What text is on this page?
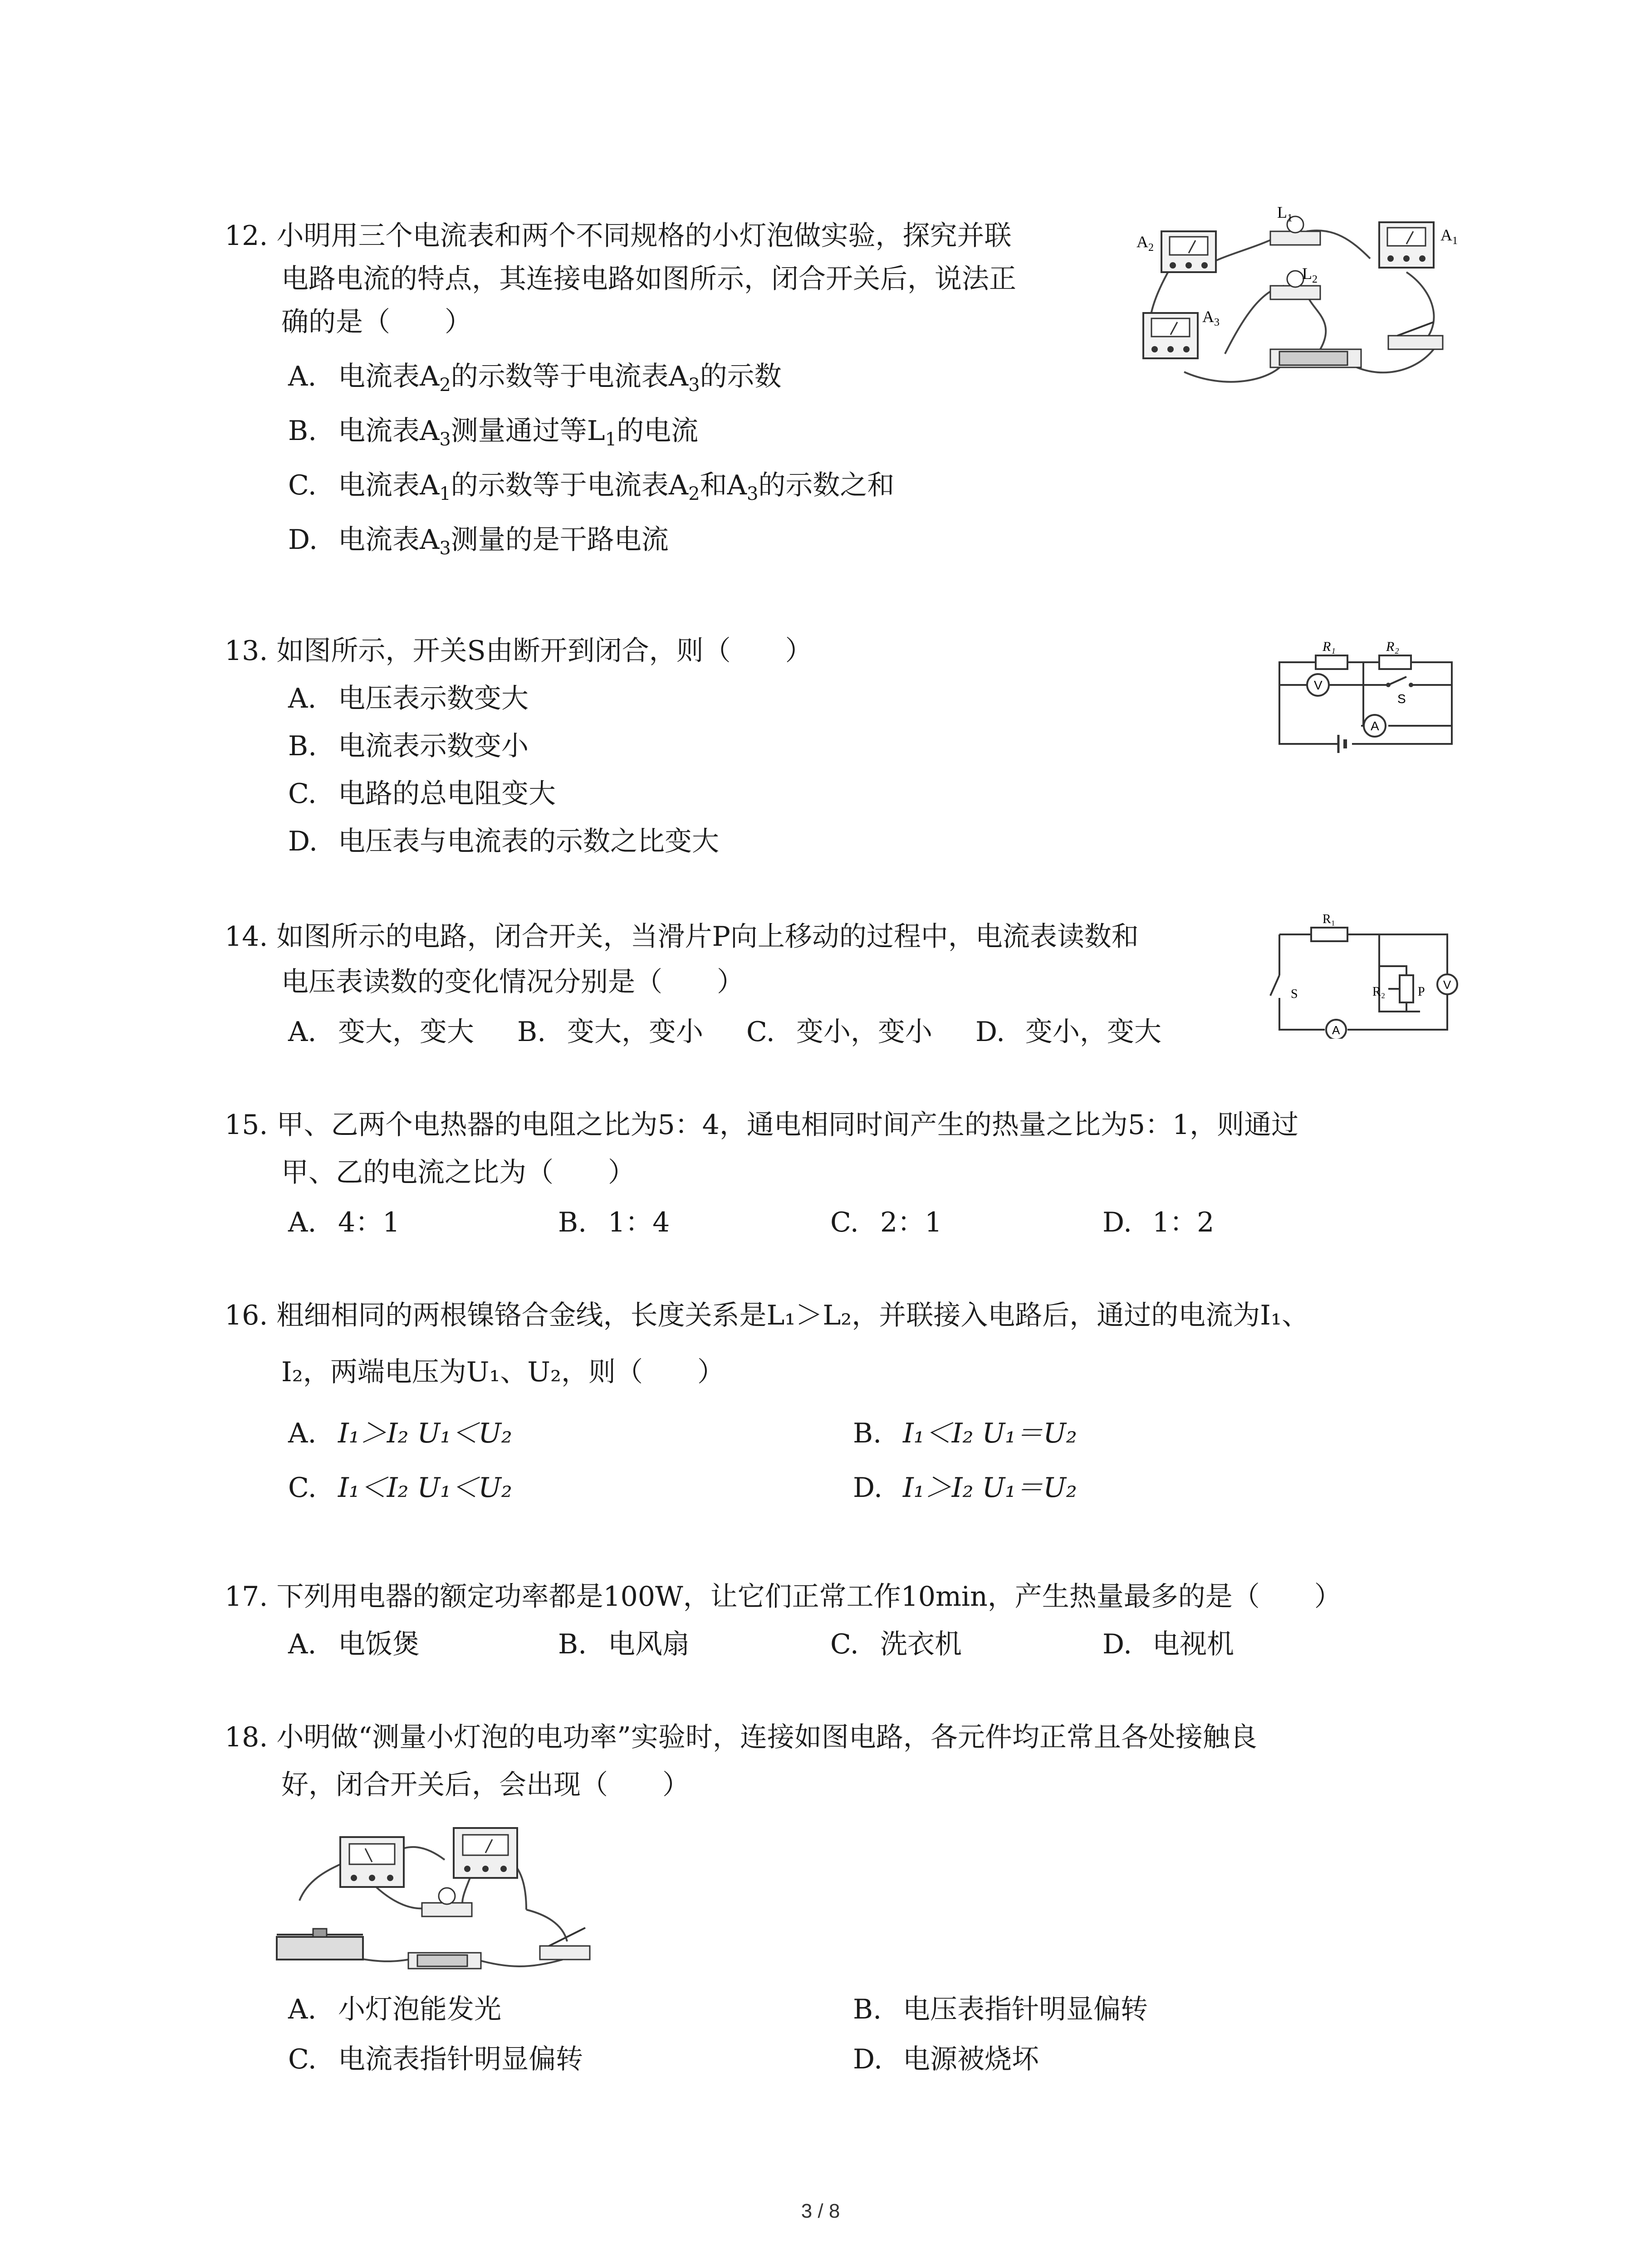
12. 小明用三个电流表和两个不同规格的小灯泡做实验，探究并联
电路电流的特点，其连接电路如图所示，闭合开关后，说法正
确的是（　　）
A. 电流表$A_2$的示数等于电流表$A_3$的示数
B. 电流表$A_3$测量通过等$L_1$的电流
C. 电流表$A_1$的示数等于电流表$A_2$和$A_3$的示数之和
D. 电流表$A_3$测量的是干路电流
$A_2$
$A_1$
$A_3$
$L_1$
$L_2$
13. 如图所示，开关S由断开到闭合，则（　　）
A. 电压表示数变大
B. 电流表示数变小
C. 电路的总电阻变大
D. 电压表与电流表的示数之比变大
R₁	R₂
V
A
S
14. 如图所示的电路，闭合开关，当滑片P向上移动的过程中，电流表读数和
电压表读数的变化情况分别是（　　）
A. 变大，变大 B. 变大，变小 C. 变小，变小 D. 变小，变大
R₁
R₂	P
S
V
A
15. 甲、乙两个电热器的电阻之比为5：4，通电相同时间产生的热量之比为5：1，则通过
甲、乙的电流之比为（　　）
A. 4：1	B. 1：4	C. 2：1	D. 1：2
16. 粗细相同的两根镍铬合金线，长度关系是L₁＞L₂，并联接入电路后，通过的电流为I₁、
I₂，两端电压为U₁、U₂，则（　　）
A. I₁＞I₂ U₁＜U₂	B. I₁＜I₂ U₁＝U₂
C. I₁＜I₂ U₁＜U₂	D. I₁＞I₂ U₁＝U₂
17. 下列用电器的额定功率都是100W，让它们正常工作10min，产生热量最多的是（　　）
A. 电饭煲	B. 电风扇	C. 洗衣机	D. 电视机
18. 小明做“测量小灯泡的电功率”实验时，连接如图电路，各元件均正常且各处接触良
好，闭合开关后，会出现（　　）
A. 小灯泡能发光	B. 电压表指针明显偏转
C. 电流表指针明显偏转	D. 电源被烧坏
3 / 8
